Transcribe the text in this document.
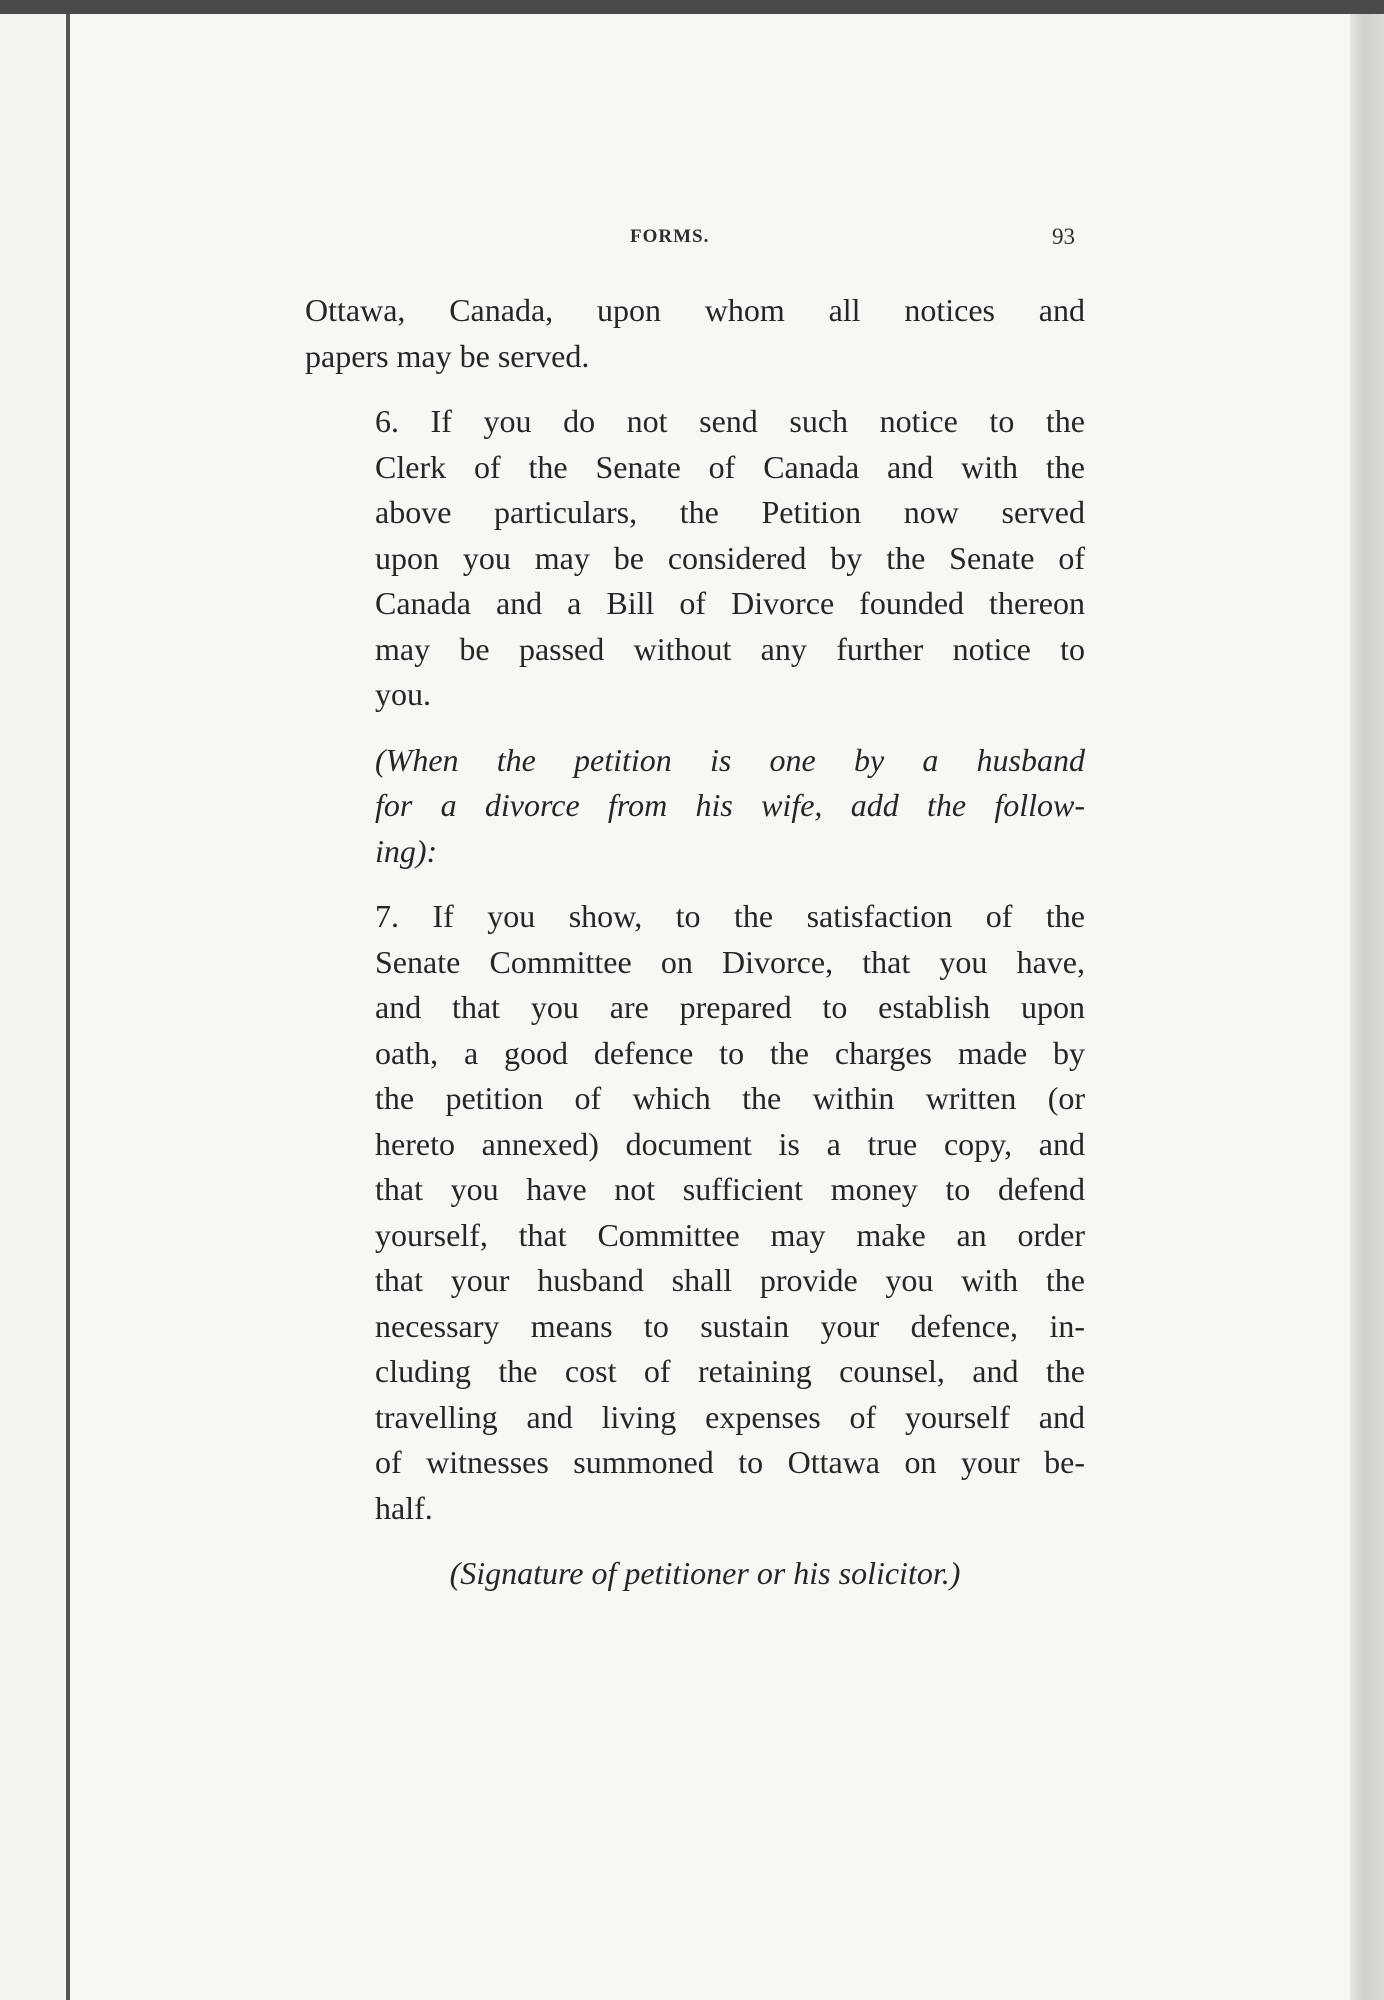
FORMS.	93

Ottawa, Canada, upon whom all notices and
papers may be served.

6. If you do not send such notice to the
Clerk of the Senate of Canada and with the
above particulars, the Petition now served
upon you may be considered by the Senate of
Canada and a Bill of Divorce founded thereon
may be passed without any further notice to
you.

(When the petition is one by a husband
for a divorce from his wife, add the follow-
ing):

7. If you show, to the satisfaction of the
Senate Committee on Divorce, that you have,
and that you are prepared to establish upon
oath, a good defence to the charges made by
the petition of which the within written (or
hereto annexed) document is a true copy, and
that you have not sufficient money to defend
yourself, that Committee may make an order
that your husband shall provide you with the
necessary means to sustain your defence, in-
cluding the cost of retaining counsel, and the
travelling and living expenses of yourself and
of witnesses summoned to Ottawa on your be-
half.

(Signature of petitioner or his solicitor.)
